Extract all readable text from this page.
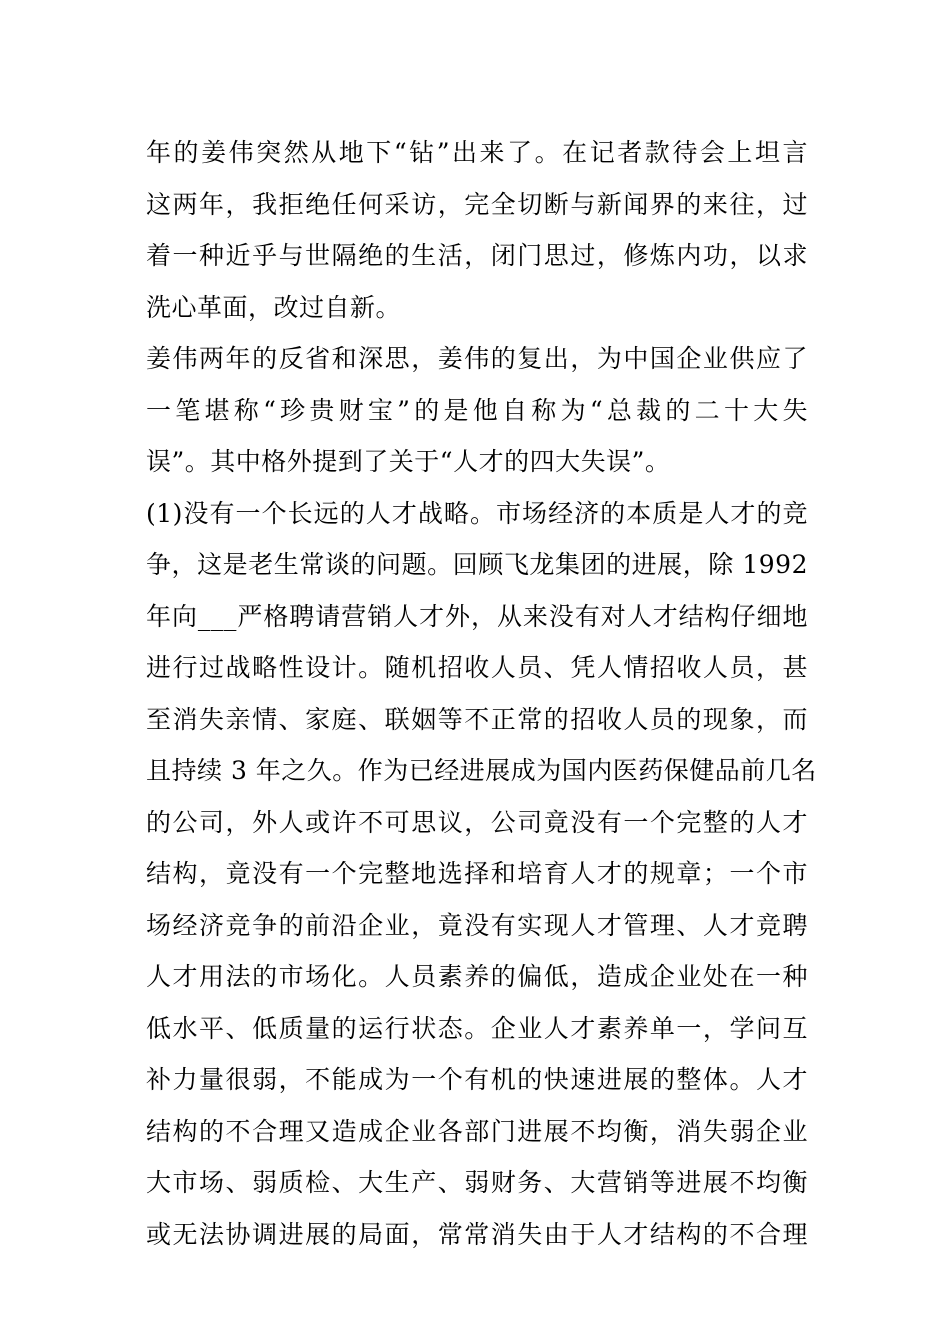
年的姜伟突然从地下“钻”出来了。在记者款待会上坦言
这两年，我拒绝任何采访，完全切断与新闻界的来往，过
着一种近乎与世隔绝的生活，闭门思过，修炼内功，以求
洗心革面，改过自新。
姜伟两年的反省和深思，姜伟的复出，为中国企业供应了
一笔堪称“珍贵财宝”的是他自称为“总裁的二十大失
误”。其中格外提到了关于“人才的四大失误”。
(1)没有一个长远的人才战略。市场经济的本质是人才的竞
争，这是老生常谈的问题。回顾飞龙集团的进展，除 1992
年向___严格聘请营销人才外，从来没有对人才结构仔细地
进行过战略性设计。随机招收人员、凭人情招收人员，甚
至消失亲情、家庭、联姻等不正常的招收人员的现象，而
且持续 3 年之久。作为已经进展成为国内医药保健品前几名
的公司，外人或许不可思议，公司竟没有一个完整的人才
结构，竟没有一个完整地选择和培育人才的规章；一个市
场经济竞争的前沿企业，竟没有实现人才管理、人才竞聘
人才用法的市场化。人员素养的偏低，造成企业处在一种
低水平、低质量的运行状态。企业人才素养单一，学问互
补力量很弱，不能成为一个有机的快速进展的整体。人才
结构的不合理又造成企业各部门进展不均衡，消失弱企业
大市场、弱质检、大生产、弱财务、大营销等进展不均衡
或无法协调进展的局面，常常消失由于人才结构的不合理
